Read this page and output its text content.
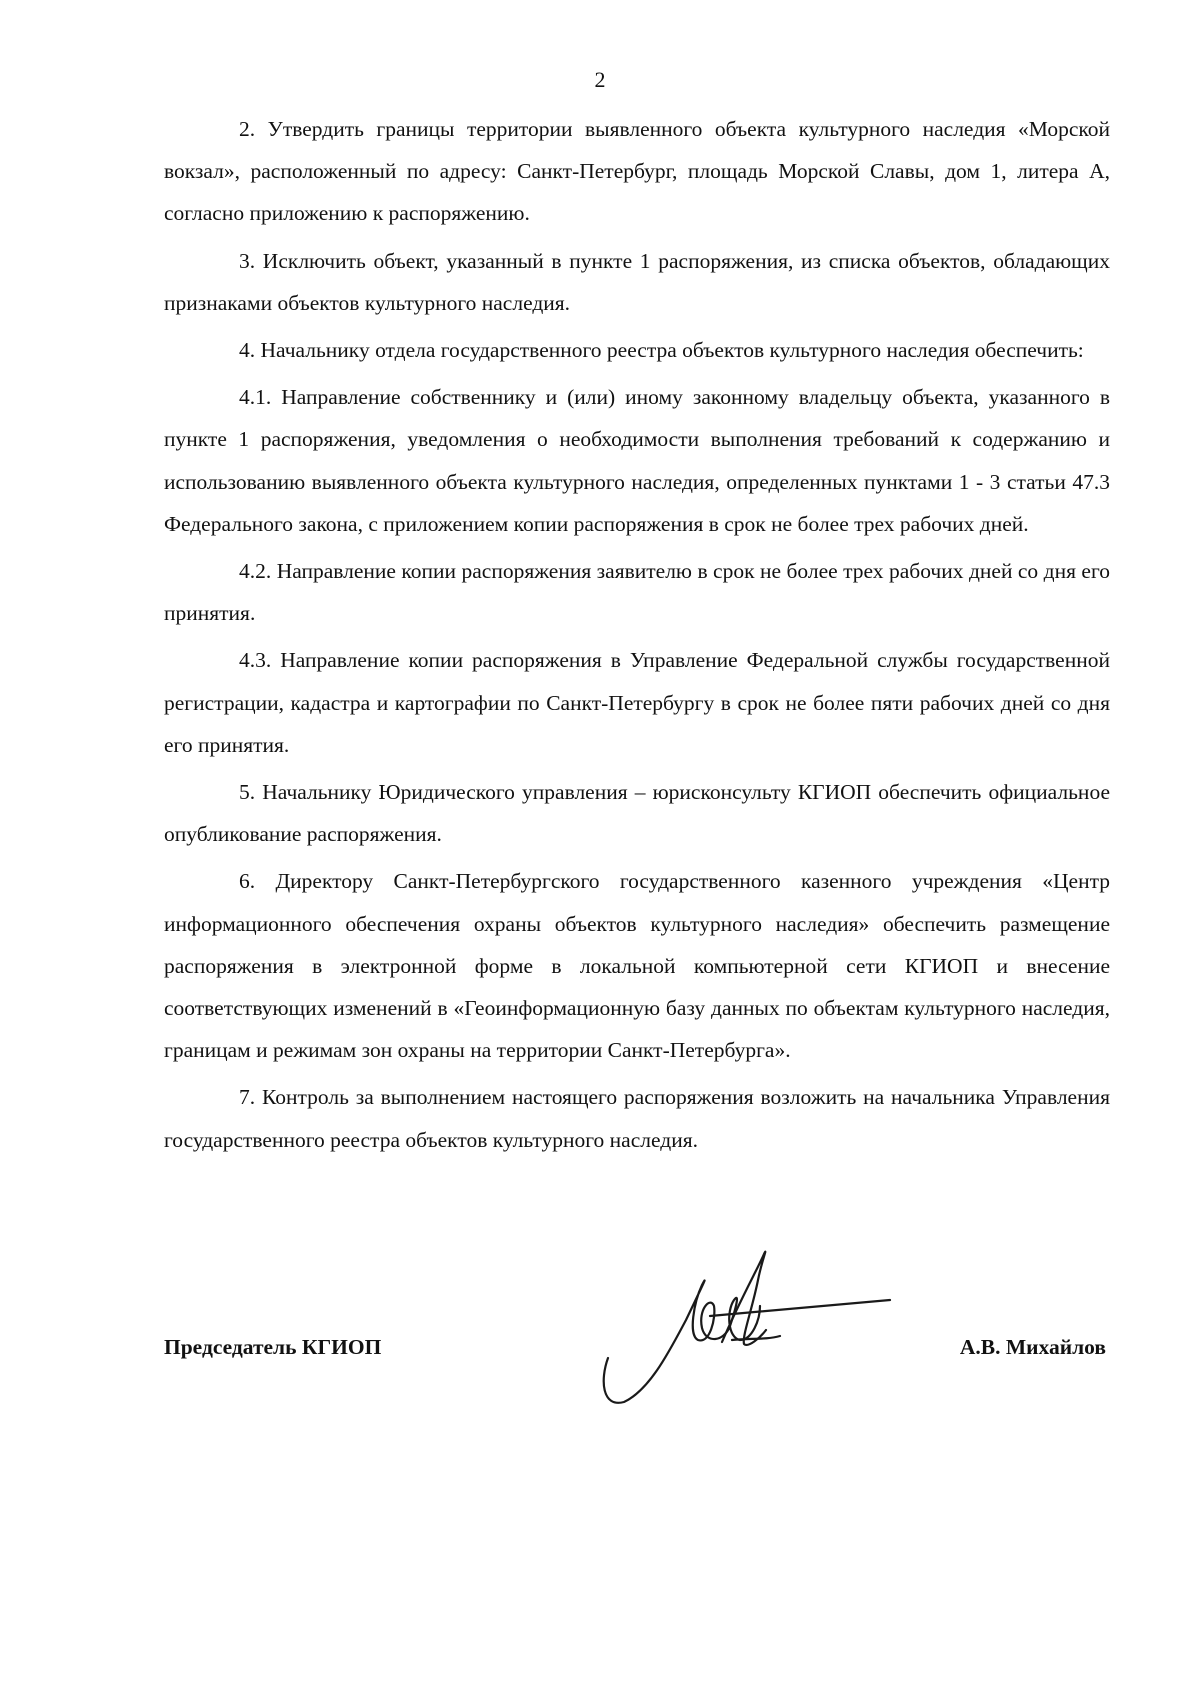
2

2. Утвердить границы территории выявленного объекта культурного наследия «Морской вокзал», расположенный по адресу: Санкт-Петербург, площадь Морской Славы, дом 1, литера А, согласно приложению к распоряжению.

3. Исключить объект, указанный в пункте 1 распоряжения, из списка объектов, обладающих признаками объектов культурного наследия.

4. Начальнику отдела государственного реестра объектов культурного наследия обеспечить:

4.1. Направление собственнику и (или) иному законному владельцу объекта, указанного в пункте 1 распоряжения, уведомления о необходимости выполнения требований к содержанию и использованию выявленного объекта культурного наследия, определенных пунктами 1 - 3 статьи 47.3 Федерального закона, с приложением копии распоряжения в срок не более трех рабочих дней.

4.2. Направление копии распоряжения заявителю в срок не более трех рабочих дней со дня его принятия.

4.3. Направление копии распоряжения в Управление Федеральной службы государственной регистрации, кадастра и картографии по Санкт-Петербургу в срок не более пяти рабочих дней со дня его принятия.

5. Начальнику Юридического управления – юрисконсульту КГИОП обеспечить официальное опубликование распоряжения.

6. Директору Санкт-Петербургского государственного казенного учреждения «Центр информационного обеспечения охраны объектов культурного наследия» обеспечить размещение распоряжения в электронной форме в локальной компьютерной сети КГИОП и внесение соответствующих изменений в «Геоинформационную базу данных по объектам культурного наследия, границам и режимам зон охраны на территории Санкт-Петербурга».

7. Контроль за выполнением настоящего распоряжения возложить на начальника Управления государственного реестра объектов культурного наследия.

Председатель КГИОП	А.В. Михайлов
